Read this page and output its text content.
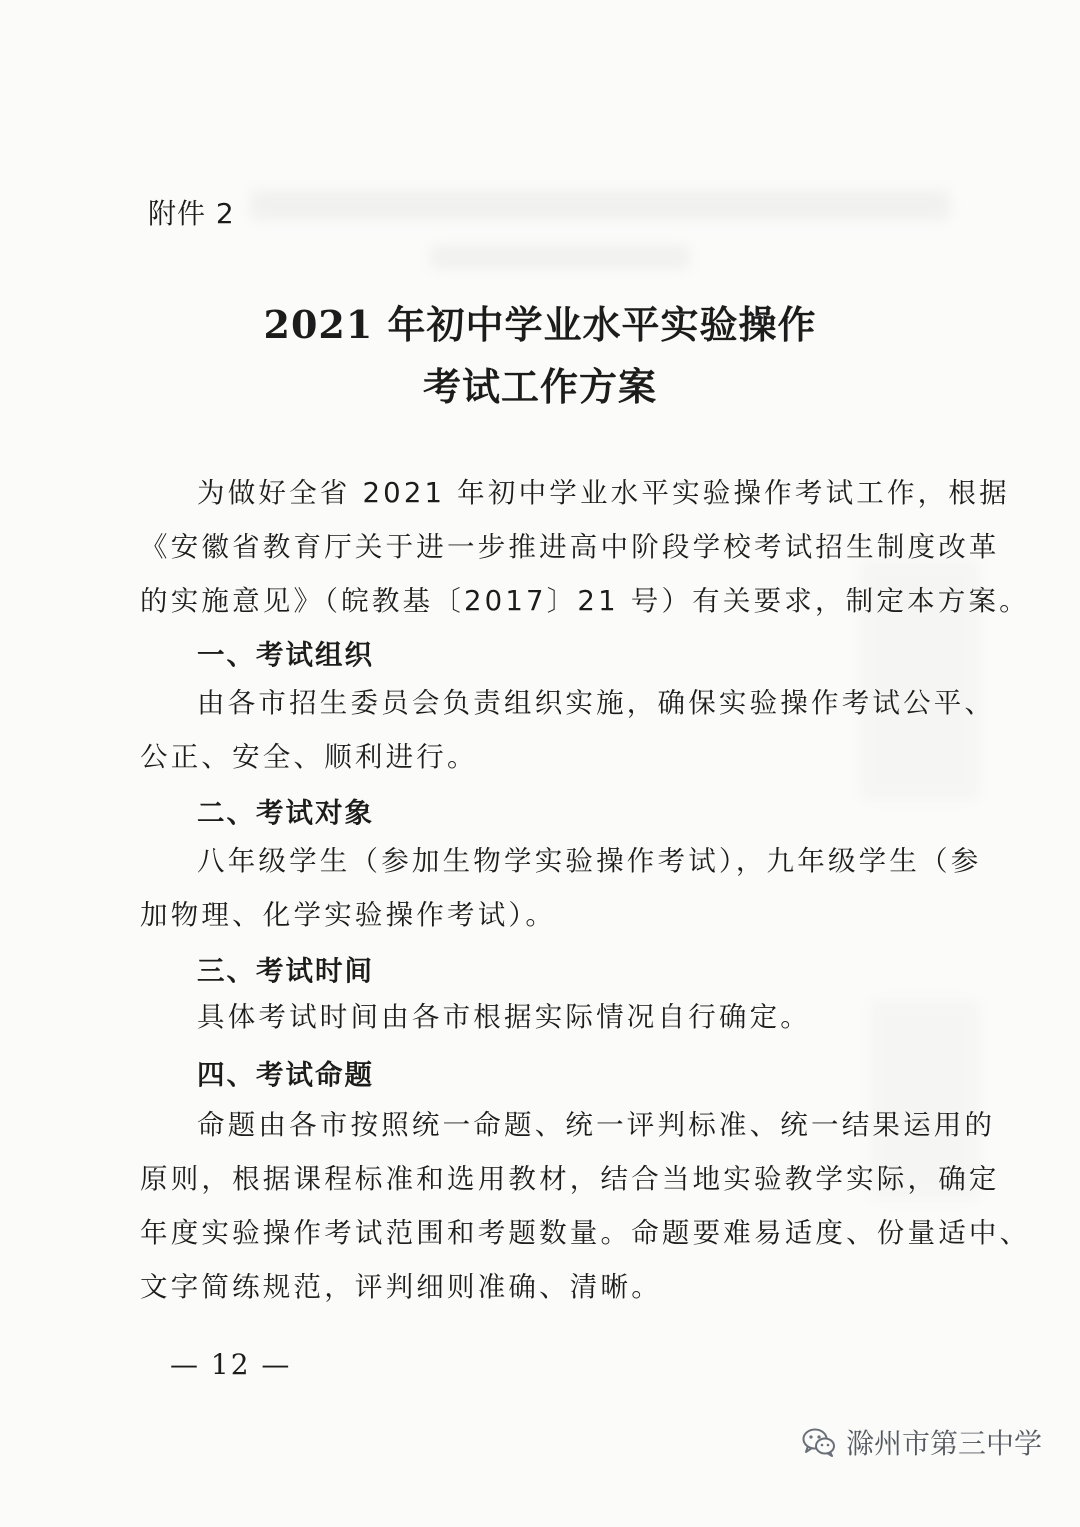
附件 2
2021 年初中学业水平实验操作
考试工作方案
为做好全省 2021 年初中学业水平实验操作考试工作，根据
《安徽省教育厅关于进一步推进高中阶段学校考试招生制度改革
的实施意见》（皖教基〔2017〕21 号）有关要求，制定本方案。
一、考试组织
由各市招生委员会负责组织实施，确保实验操作考试公平、
公正、安全、顺利进行。
二、考试对象
八年级学生（参加生物学实验操作考试），九年级学生（参
加物理、化学实验操作考试）。
三、考试时间
具体考试时间由各市根据实际情况自行确定。
四、考试命题
命题由各市按照统一命题、统一评判标准、统一结果运用的
原则，根据课程标准和选用教材，结合当地实验教学实际，确定
年度实验操作考试范围和考题数量。命题要难易适度、份量适中、
文字简练规范，评判细则准确、清晰。
— 12 —
滁州市第三中学
